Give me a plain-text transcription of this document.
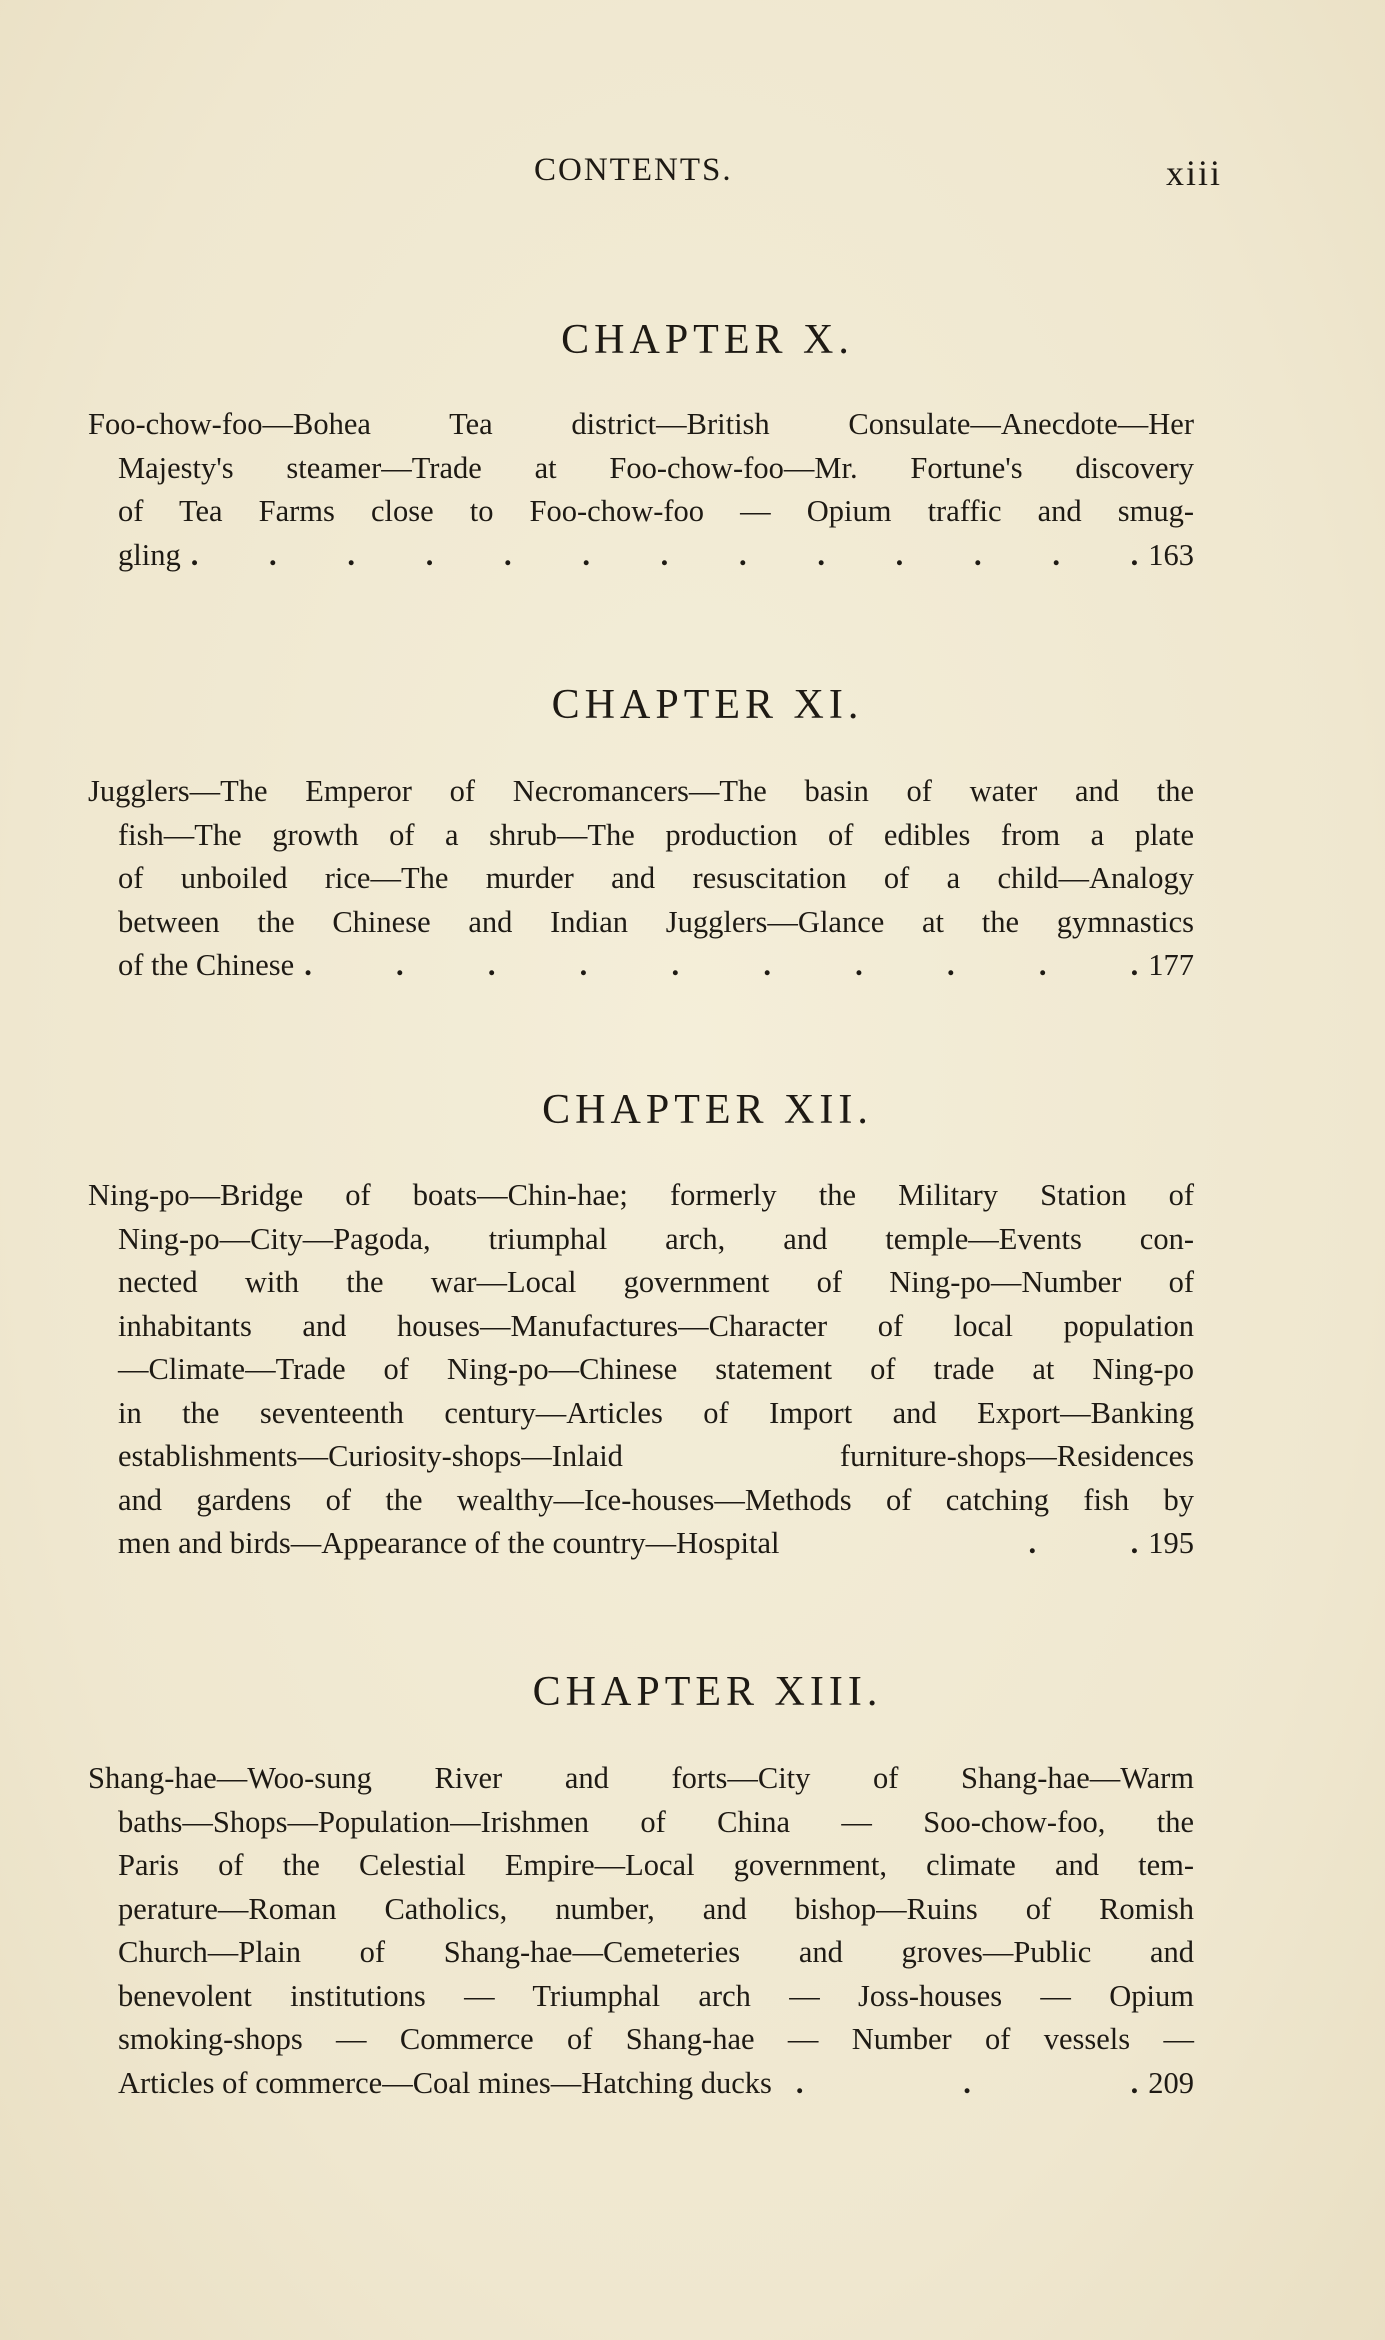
CONTENTS.	xiii
CHAPTER X.
Foo-chow-foo—Bohea Tea district—British Consulate—Anecdote—Her
Majesty's steamer—Trade at Foo-chow-foo—Mr. Fortune's discovery
of Tea Farms close to Foo-chow-foo — Opium traffic and smug-
gling . . . . . . . . . . . . . 163
CHAPTER XI.
Jugglers—The Emperor of Necromancers—The basin of water and the
fish—The growth of a shrub—The production of edibles from a plate
of unboiled rice—The murder and resuscitation of a child—Analogy
between the Chinese and Indian Jugglers—Glance at the gymnastics
of the Chinese .	.	.	.	.	.	.	.	.	. 177
CHAPTER XII.
Ning-po—Bridge of boats—Chin-hae; formerly the Military Station of
Ning-po—City—Pagoda, triumphal arch, and temple—Events con-
nected with the war—Local government of Ning-po—Number of
inhabitants and houses—Manufactures—Character of local population
—Climate—Trade of Ning-po—Chinese statement of trade at Ning-po
in the seventeenth century—Articles of Import and Export—Banking
establishments—Curiosity-shops—Inlaid furniture-shops—Residences
and gardens of the wealthy—Ice-houses—Methods of catching fish by
men and birds—Appearance of the country—Hospital	.	. 195
CHAPTER XIII.
Shang-hae—Woo-sung River and forts—City of Shang-hae—Warm
baths—Shops—Population—Irishmen of China — Soo-chow-foo, the
Paris of the Celestial Empire—Local government, climate and tem-
perature—Roman Catholics, number, and bishop—Ruins of Romish
Church—Plain of Shang-hae—Cemeteries and groves—Public and
benevolent institutions — Triumphal arch — Joss-houses — Opium
smoking-shops — Commerce of Shang-hae — Number of vessels —
Articles of commerce—Coal mines—Hatching ducks .	.	. 209
